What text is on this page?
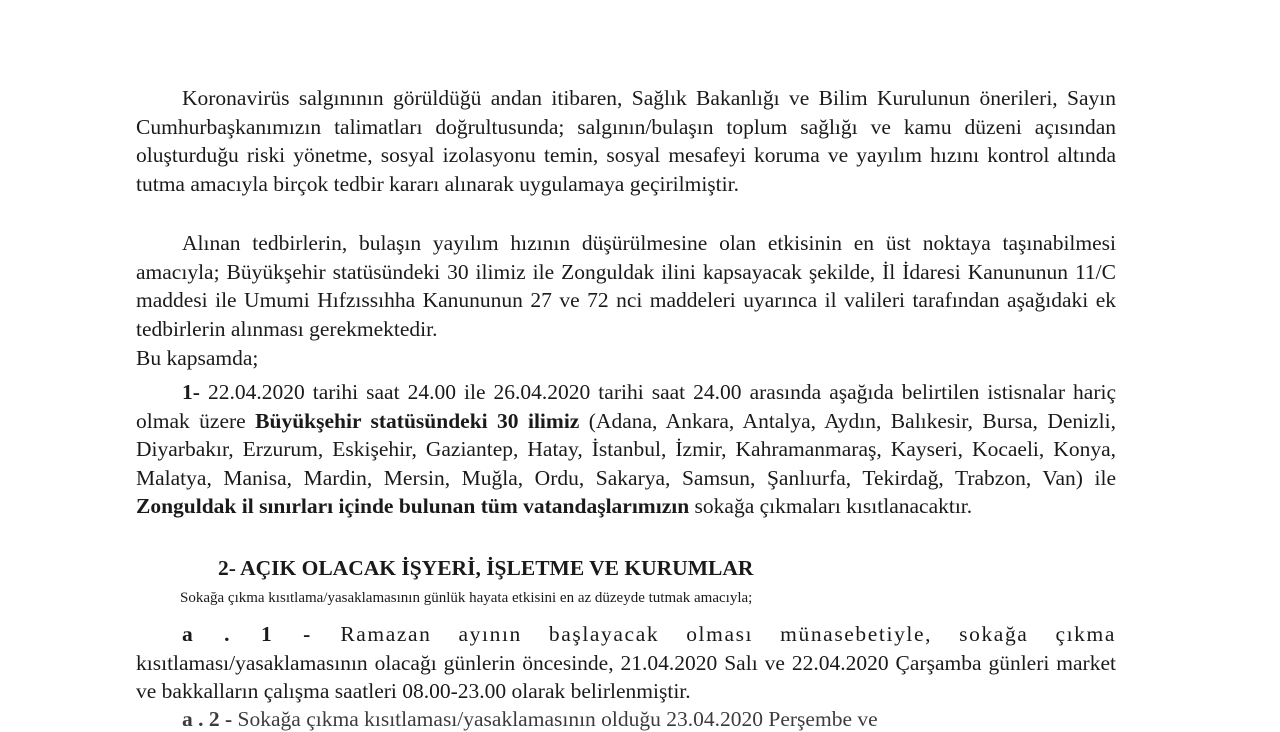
Koronavirüs salgınının görüldüğü andan itibaren, Sağlık Bakanlığı ve Bilim Kurulunun önerileri, Sayın Cumhurbaşkanımızın talimatları doğrultusunda; salgının/bulaşın toplum sağlığı ve kamu düzeni açısından oluşturduğu riski yönetme, sosyal izolasyonu temin, sosyal mesafeyi koruma ve yayılım hızını kontrol altında tutma amacıyla birçok tedbir kararı alınarak uygulamaya geçirilmiştir.

Alınan tedbirlerin, bulaşın yayılım hızının düşürülmesine olan etkisinin en üst noktaya taşınabilmesi amacıyla; Büyükşehir statüsündeki 30 ilimiz ile Zonguldak ilini kapsayacak şekilde, İl İdaresi Kanununun 11/C maddesi ile Umumi Hıfzıssıhha Kanununun 27 ve 72 nci maddeleri uyarınca il valileri tarafından aşağıdaki ek tedbirlerin alınması gerekmektedir.

Bu kapsamda;

1- 22.04.2020 tarihi saat 24.00 ile 26.04.2020 tarihi saat 24.00 arasında aşağıda belirtilen istisnalar hariç olmak üzere Büyükşehir statüsündeki 30 ilimiz (Adana, Ankara, Antalya, Aydın, Balıkesir, Bursa, Denizli, Diyarbakır, Erzurum, Eskişehir, Gaziantep, Hatay, İstanbul, İzmir, Kahramanmaraş, Kayseri, Kocaeli, Konya, Malatya, Manisa, Mardin, Mersin, Muğla, Ordu, Sakarya, Samsun, Şanlıurfa, Tekirdağ, Trabzon, Van) ile Zonguldak il sınırları içinde bulunan tüm vatandaşlarımızın sokağa çıkmaları kısıtlanacaktır.

2- AÇIK OLACAK İŞYERİ, İŞLETME VE KURUMLAR
Sokağa çıkma kısıtlama/yasaklamasının günlük hayata etkisini en az düzeyde tutmak amacıyla;

a . 1 - Ramazan ayının başlayacak olması münasebetiyle, sokağa çıkma kısıtlaması/yasaklamasının olacağı günlerin öncesinde, 21.04.2020 Salı ve 22.04.2020 Çarşamba günleri market ve bakkalların çalışma saatleri 08.00-23.00 olarak belirlenmiştir.

a . 2 - Sokağa çıkma kısıtlaması/yasaklamasının olduğu 23.04.2020 Perşembe ve
